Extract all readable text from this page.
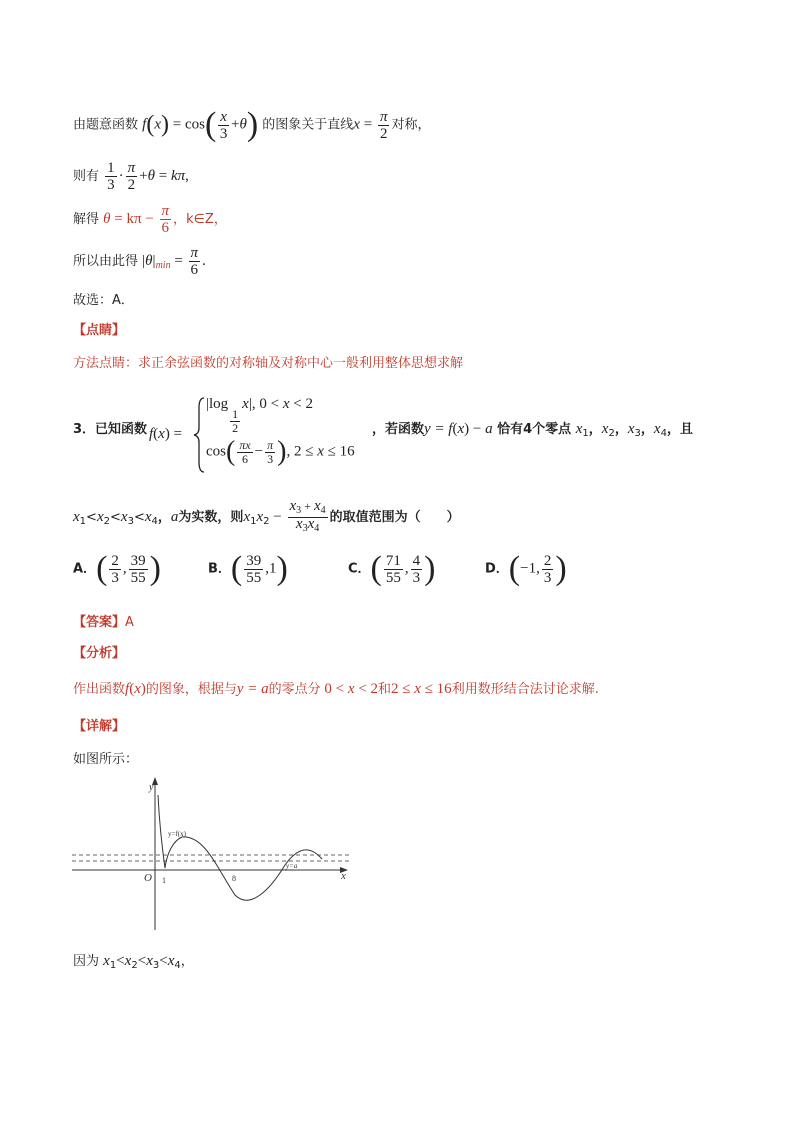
由题意函数 $f(x) = \cos( \frac{x}{3} +\theta)$ 的图象关于直线$x = \frac{\pi}{2}$ 对称，
则有 $\frac{1}{3} \cdot \frac{\pi}{2} +\theta = k\pi$,
解得 $\theta = k\pi - \frac{\pi}{6}$ ，k∈Z，
所以由此得 $|\theta|_{min} = \frac{\pi}{6}$ .
故选：A．
【点睛】
方法点睛：求正余弦函数的对称轴及对称中心一般利用整体思想求解
3．已知函数 f(x) =
|log
$\frac{1}{2}$
x|, 0 < x < 2
$\cos( \frac{\pi x}{6} - \frac{\pi}{3}$ ), 2 ≤ x ≤ 16
，若函数y = f(x) − a 恰有4个零点 $x_1$，$x_2$，$x_3$，$x_4$，且
$x_1<x_2<x_3<x_4$，a为实数，则$x_1x_2 - \frac{x_3 + x_4}{x_3x_4}$ 的取值范围为（　　）
A．( $\frac{2}{3}$ , $\frac{39}{55}$ )	B．( $\frac{39}{55} ,1$)	C．( $\frac{71}{55}$ , $\frac{4}{3}$ )	D．(−1, $\frac{2}{3}$ )
【答案】A
【分析】
作出函数f(x)的图象，根据与y = a的零点分 0 < x < 2和2 ≤ x ≤ 16利用数形结合法讨论求解.
【详解】
如图所示：
y
x
O 1	8
y=f(x)
y=a
因为 $x_1<x_2<x_3<x_4$，
